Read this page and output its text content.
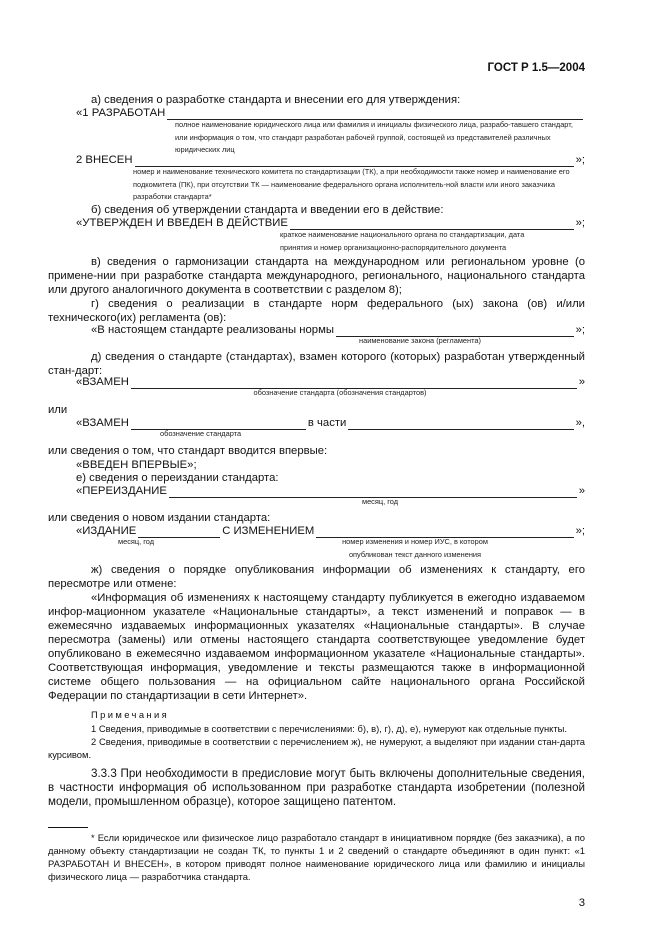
ГОСТ Р 1.5—2004
а) сведения о разработке стандарта и внесении его для утверждения:
«1 РАЗРАБОТАН
полное наименование юридического лица или фамилия и инициалы физического лица, разрабо-тавшего стандарт, или информация о том, что стандарт разработан рабочей группой, состоящей из представителей различных юридических лиц
2 ВНЕСЕН	»;
номер и наименование технического комитета по стандартизации (ТК), а при необходимости также номер и наименование его подкомитета (ПК), при отсутствии ТК — наименование федерального органа исполнитель-ной власти или иного заказчика разработки стандарта*
б) сведения об утверждении стандарта и введении его в действие:
«УТВЕРЖДЕН И ВВЕДЕН В ДЕЙСТВИЕ	»;
краткое наименование национального органа по стандартизации, дата принятия и номер организационно-распорядительного документа
в) сведения о гармонизации стандарта на международном или региональном уровне (о примене-нии при разработке стандарта международного, регионального, национального стандарта или другого аналогичного документа в соответствии с разделом 8);
г) сведения о реализации в стандарте норм федерального (ых) закона (ов) и/или технического(их) регламента (ов):
«В настоящем стандарте реализованы нормы	»;
наименование закона (регламента)
д) сведения о стандарте (стандартах), взамен которого (которых) разработан утвержденный стан-дарт:
«ВЗАМЕН	»
обозначение стандарта (обозначения стандартов)
или
«ВЗАМЕН	в части	»,
обозначение стандарта
или сведения о том, что стандарт вводится впервые:
«ВВЕДЕН ВПЕРВЫЕ»;
е) сведения о переиздании стандарта:
«ПЕРЕИЗДАНИЕ	»
месяц, год
или сведения о новом издании стандарта:
«ИЗДАНИЕ	С ИЗМЕНЕНИЕМ	»;
месяц, год	номер изменения и номер ИУС, в котором опубликован текст данного изменения
ж) сведения о порядке опубликования информации об изменениях к стандарту, его пересмотре или отмене:
«Информация об изменениях к настоящему стандарту публикуется в ежегодно издаваемом инфор-мационном указателе «Национальные стандарты», а текст изменений и поправок — в ежемесячно издаваемых информационных указателях «Национальные стандарты». В случае пересмотра (замены) или отмены настоящего стандарта соответствующее уведомление будет опубликовано в ежемесячно издаваемом информационном указателе «Национальные стандарты». Соответствующая информация, уведомление и тексты размещаются также в информационной системе общего пользования — на официальном сайте национального органа Российской Федерации по стандартизации в сети Интернет».
Примечания
1 Сведения, приводимые в соответствии с перечислениями: б), в), г), д), е), нумеруют как отдельные пункты.
2 Сведения, приводимые в соответствии с перечислением ж), не нумеруют, а выделяют при издании стан-дарта курсивом.
3.3.3 При необходимости в предисловие могут быть включены дополнительные сведения, в частности информация об использованном при разработке стандарта изобретении (полезной модели, промышленном образце), которое защищено патентом.
* Если юридическое или физическое лицо разработало стандарт в инициативном порядке (без заказчика), а по данному объекту стандартизации не создан ТК, то пункты 1 и 2 сведений о стандарте объединяют в один пункт: «1 РАЗРАБОТАН И ВНЕСЕН», в котором приводят полное наименование юридического лица или фамилию и инициалы физического лица — разработчика стандарта.
3
